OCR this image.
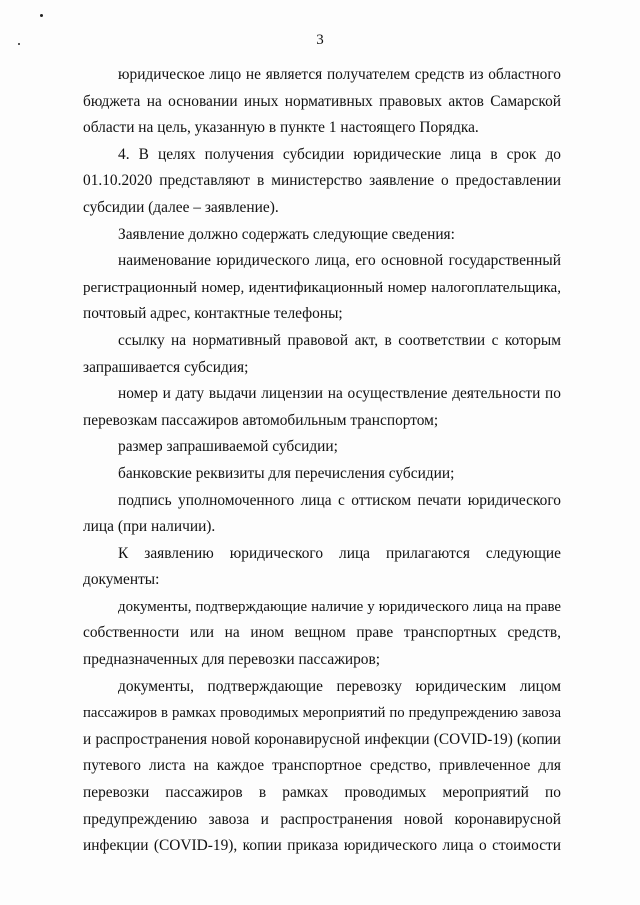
3
юридическое лицо не является получателем средств из областного
бюджета на основании иных нормативных правовых актов Самарской
области на цель, указанную в пункте 1 настоящего Порядка.
4. В целях получения субсидии юридические лица в срок до
01.10.2020 представляют в министерство заявление о предоставлении
субсидии (далее – заявление).
Заявление должно содержать следующие сведения:
наименование юридического лица, его основной государственный
регистрационный номер, идентификационный номер налогоплательщика,
почтовый адрес, контактные телефоны;
ссылку на нормативный правовой акт, в соответствии с которым
запрашивается субсидия;
номер и дату выдачи лицензии на осуществление деятельности по
перевозкам пассажиров автомобильным транспортом;
размер запрашиваемой субсидии;
банковские реквизиты для перечисления субсидии;
подпись уполномоченного лица с оттиском печати юридического
лица (при наличии).
К заявлению юридического лица прилагаются следующие
документы:
документы, подтверждающие наличие у юридического лица на праве
собственности или на ином вещном праве транспортных средств,
предназначенных для перевозки пассажиров;
документы, подтверждающие перевозку юридическим лицом
пассажиров в рамках проводимых мероприятий по предупреждению завоза
и распространения новой коронавирусной инфекции (COVID-19) (копии
путевого листа на каждое транспортное средство, привлеченное для
перевозки пассажиров в рамках проводимых мероприятий по
предупреждению завоза и распространения новой коронавирусной
инфекции (COVID-19), копии приказа юридического лица о стоимости
